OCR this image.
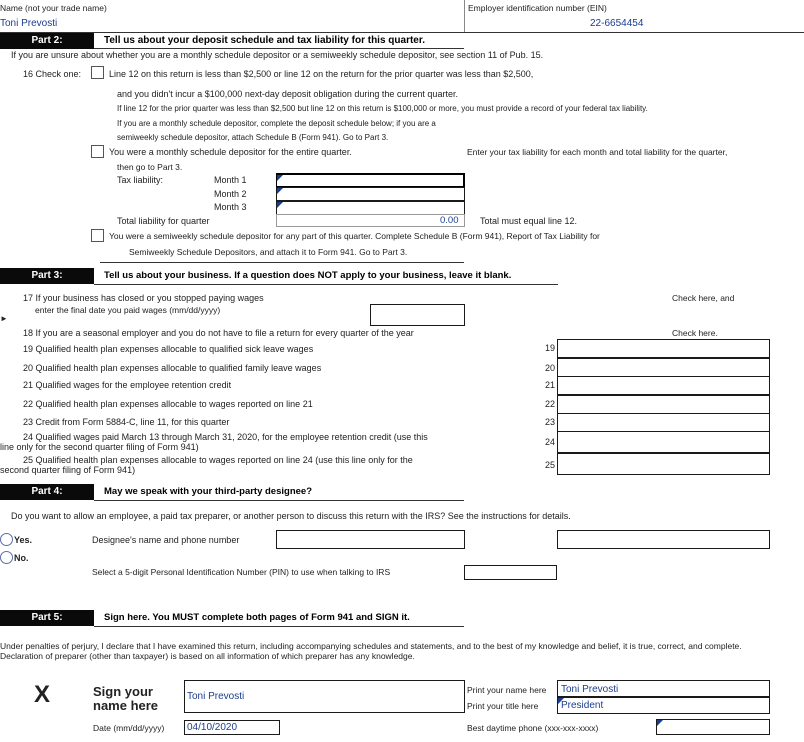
Name (not your trade name)
Toni Prevosti
Employer identification number (EIN)
22-6654454
Part 2:	Tell us about your deposit schedule and tax liability for this quarter.
If you are unsure about whether you are a monthly schedule depositor or a semiweekly schedule depositor, see section 11 of Pub. 15.
16 Check one:	Line 12 on this return is less than $2,500 or line 12 on the return for the prior quarter was less than $2,500,
and you didn't incur a $100,000 next-day deposit obligation during the current quarter.
If line 12 for the prior quarter was less than $2,500 but line 12 on this return is $100,000 or more, you must provide a record of your federal tax liability.
If you are a monthly schedule depositor, complete the deposit schedule below; if you are a
semiweekly schedule depositor, attach Schedule B (Form 941). Go to Part 3.
You were a monthly schedule depositor for the entire quarter.	Enter your tax liability for each month and total liability for the quarter,
then go to Part 3.
Tax liability:	Month 1
Month 2
Month 3
Total liability for quarter	0.00 Total must equal line 12.
You were a semiweekly schedule depositor for any part of this quarter. Complete Schedule B (Form 941), Report of Tax Liability for
Semiweekly Schedule Depositors, and attach it to Form 941. Go to Part 3.
Part 3:	Tell us about your business. If a question does NOT apply to your business, leave it blank.
17 If your business has closed or you stopped paying wages
enter the final date you paid wages (mm/dd/yyyy)
Check here, and
►
18 If you are a seasonal employer and you do not have to file a return for every quarter of the year	Check here.
19 Qualified health plan expenses allocable to qualified sick leave wages	19
20 Qualified health plan expenses allocable to qualified family leave wages	20
21 Qualified wages for the employee retention credit	21
22 Qualified health plan expenses allocable to wages reported on line 21	22
23 Credit from Form 5884-C, line 11, for this quarter	23
24 Qualified wages paid March 13 through March 31, 2020, for the employee retention credit (use this
line only for the second quarter filing of Form 941)	24
25 Qualified health plan expenses allocable to wages reported on line 24 (use this line only for the
second quarter filing of Form 941)	25
Part 4:	May we speak with your third-party designee?
Do you want to allow an employee, a paid tax preparer, or another person to discuss this return with the IRS? See the instructions for details.
Yes.
No.
Designee's name and phone number
Select a 5-digit Personal Identification Number (PIN) to use when talking to IRS
Part 5:	Sign here. You MUST complete both pages of Form 941 and SIGN it.
Under penalties of perjury, I declare that I have examined this return, including accompanying schedules and statements, and to the best of my knowledge and belief, it is true, correct, and complete.
Declaration of preparer (other than taxpayer) is based on all information of which preparer has any knowledge.
X	Sign your
name here
Toni Prevosti
Print your name here Toni Prevosti
Print your title here President
Date (mm/dd/yyyy) 04/10/2020	Best daytime phone (xxx-xxx-xxxx)
